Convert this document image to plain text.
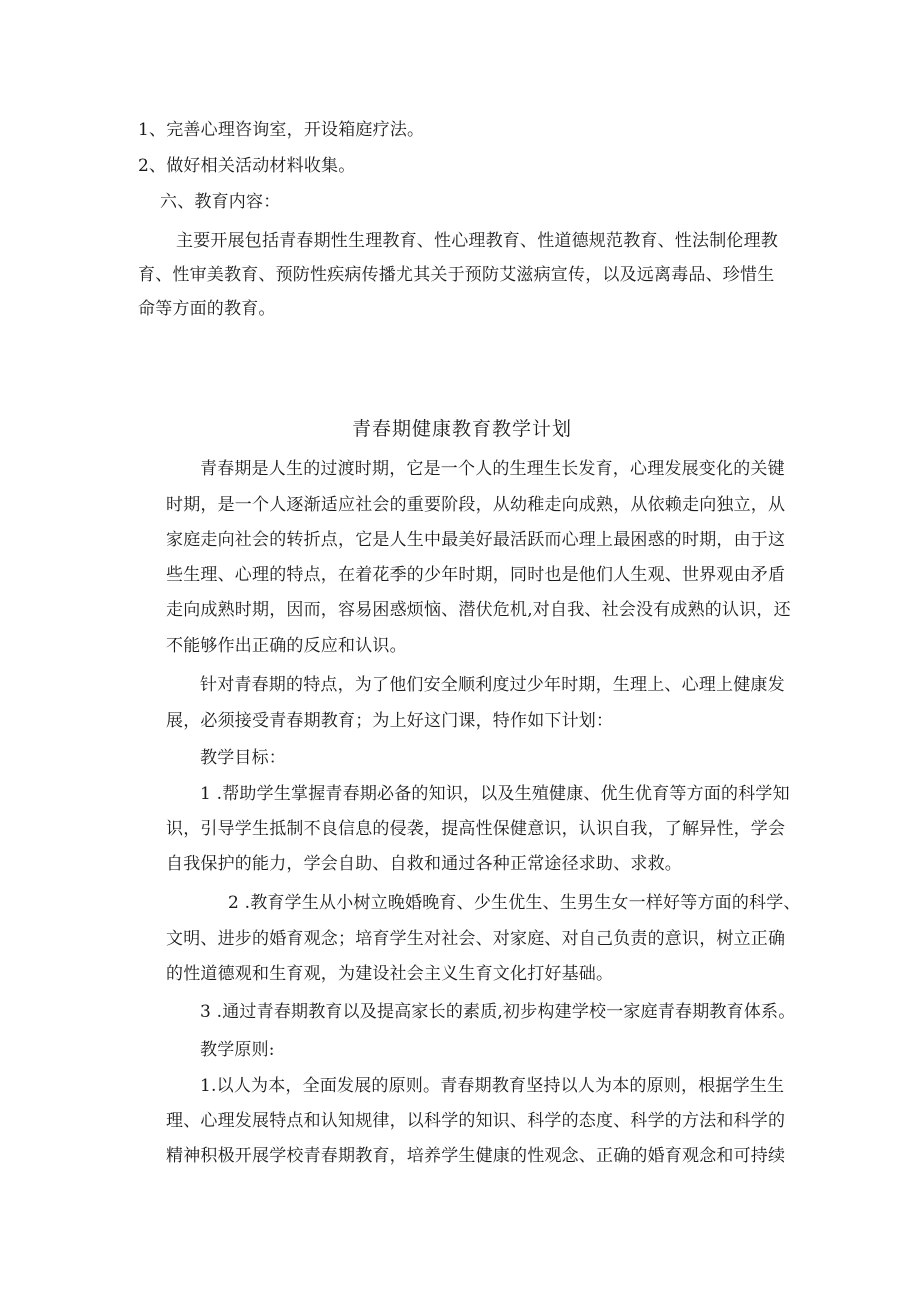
1、完善心理咨询室，开设箱庭疗法。
2、做好相关活动材料收集。
六、教育内容：
主要开展包括青春期性生理教育、性心理教育、性道德规范教育、性法制伦理教
育、性审美教育、预防性疾病传播尤其关于预防艾滋病宣传，以及远离毒品、珍惜生
命等方面的教育。
青春期健康教育教学计划
青春期是人生的过渡时期，它是一个人的生理生长发育，心理发展变化的关键
时期，是一个人逐渐适应社会的重要阶段，从幼稚走向成熟，从依赖走向独立，从
家庭走向社会的转折点，它是人生中最美好最活跃而心理上最困惑的时期，由于这
些生理、心理的特点，在着花季的少年时期，同时也是他们人生观、世界观由矛盾
走向成熟时期，因而，容易困惑烦恼、潜伏危机,对自我、社会没有成熟的认识，还
不能够作出正确的反应和认识。
针对青春期的特点，为了他们安全顺利度过少年时期，生理上、心理上健康发
展，必须接受青春期教育；为上好这门课，特作如下计划：
教学目标：
1 .帮助学生掌握青春期必备的知识，以及生殖健康、优生优育等方面的科学知
识，引导学生抵制不良信息的侵袭，提高性保健意识，认识自我，了解异性，学会
自我保护的能力，学会自助、自救和通过各种正常途径求助、求救。
2 .教育学生从小树立晚婚晚育、少生优生、生男生女一样好等方面的科学、
文明、进步的婚育观念；培育学生对社会、对家庭、对自己负责的意识，树立正确
的性道德观和生育观，为建设社会主义生育文化打好基础。
3 .通过青春期教育以及提高家长的素质,初步构建学校一家庭青春期教育体系。
教学原则:
1.以人为本，全面发展的原则。青春期教育坚持以人为本的原则，根据学生生
理、心理发展特点和认知规律，以科学的知识、科学的态度、科学的方法和科学的
精神积极开展学校青春期教育，培养学生健康的性观念、正确的婚育观念和可持续
